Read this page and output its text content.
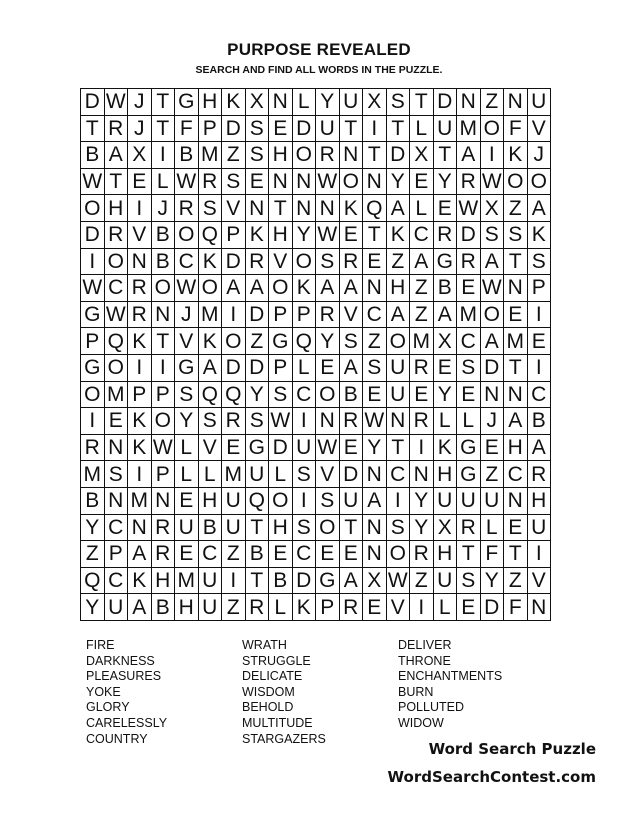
PURPOSE REVEALED
SEARCH AND FIND ALL WORDS IN THE PUZZLE.
D W J T G H K X N L Y U X S T D N Z N U
T R J T F P D S E D U T I T L U M O F V
B A X I B M Z S H O R N T D X T A I K J
W T E L W R S E N N W O N Y E Y R W O O
O H I J R S V N T N N K Q A L E W X Z A
D R V B O Q P K H Y W E T K C R D S S K
I O N B C K D R V O S R E Z A G R A T S
W C R O W O A A O K A A N H Z B E W N P
G W R N J M I D P P R V C A Z A M O E I
P Q K T V K O Z G Q Y S Z O M X C A M E
G O I I G A D D P L E A S U R E S D T I
O M P P S Q Q Y S C O B E U E Y E N N C
I E K O Y S R S W I N R W N R L L J A B
R N K W L V E G D U W E Y T I K G E H A
M S I P L L M U L S V D N C N H G Z C R
B N M N E H U Q O I S U A I Y U U U N H
Y C N R U B U T H S O T N S Y X R L E U
Z P A R E C Z B E C E E N O R H T F T I
Q C K H M U I T B D G A X W Z U S Y Z V
Y U A B H U Z R L K P R E V I L E D F N
FIRE
DARKNESS
PLEASURES
YOKE
GLORY
CARELESSLY
COUNTRY
WRATH
STRUGGLE
DELICATE
WISDOM
BEHOLD
MULTITUDE
STARGAZERS
DELIVER
THRONE
ENCHANTMENTS
BURN
POLLUTED
WIDOW
Word Search Puzzle
WordSearchContest.com
